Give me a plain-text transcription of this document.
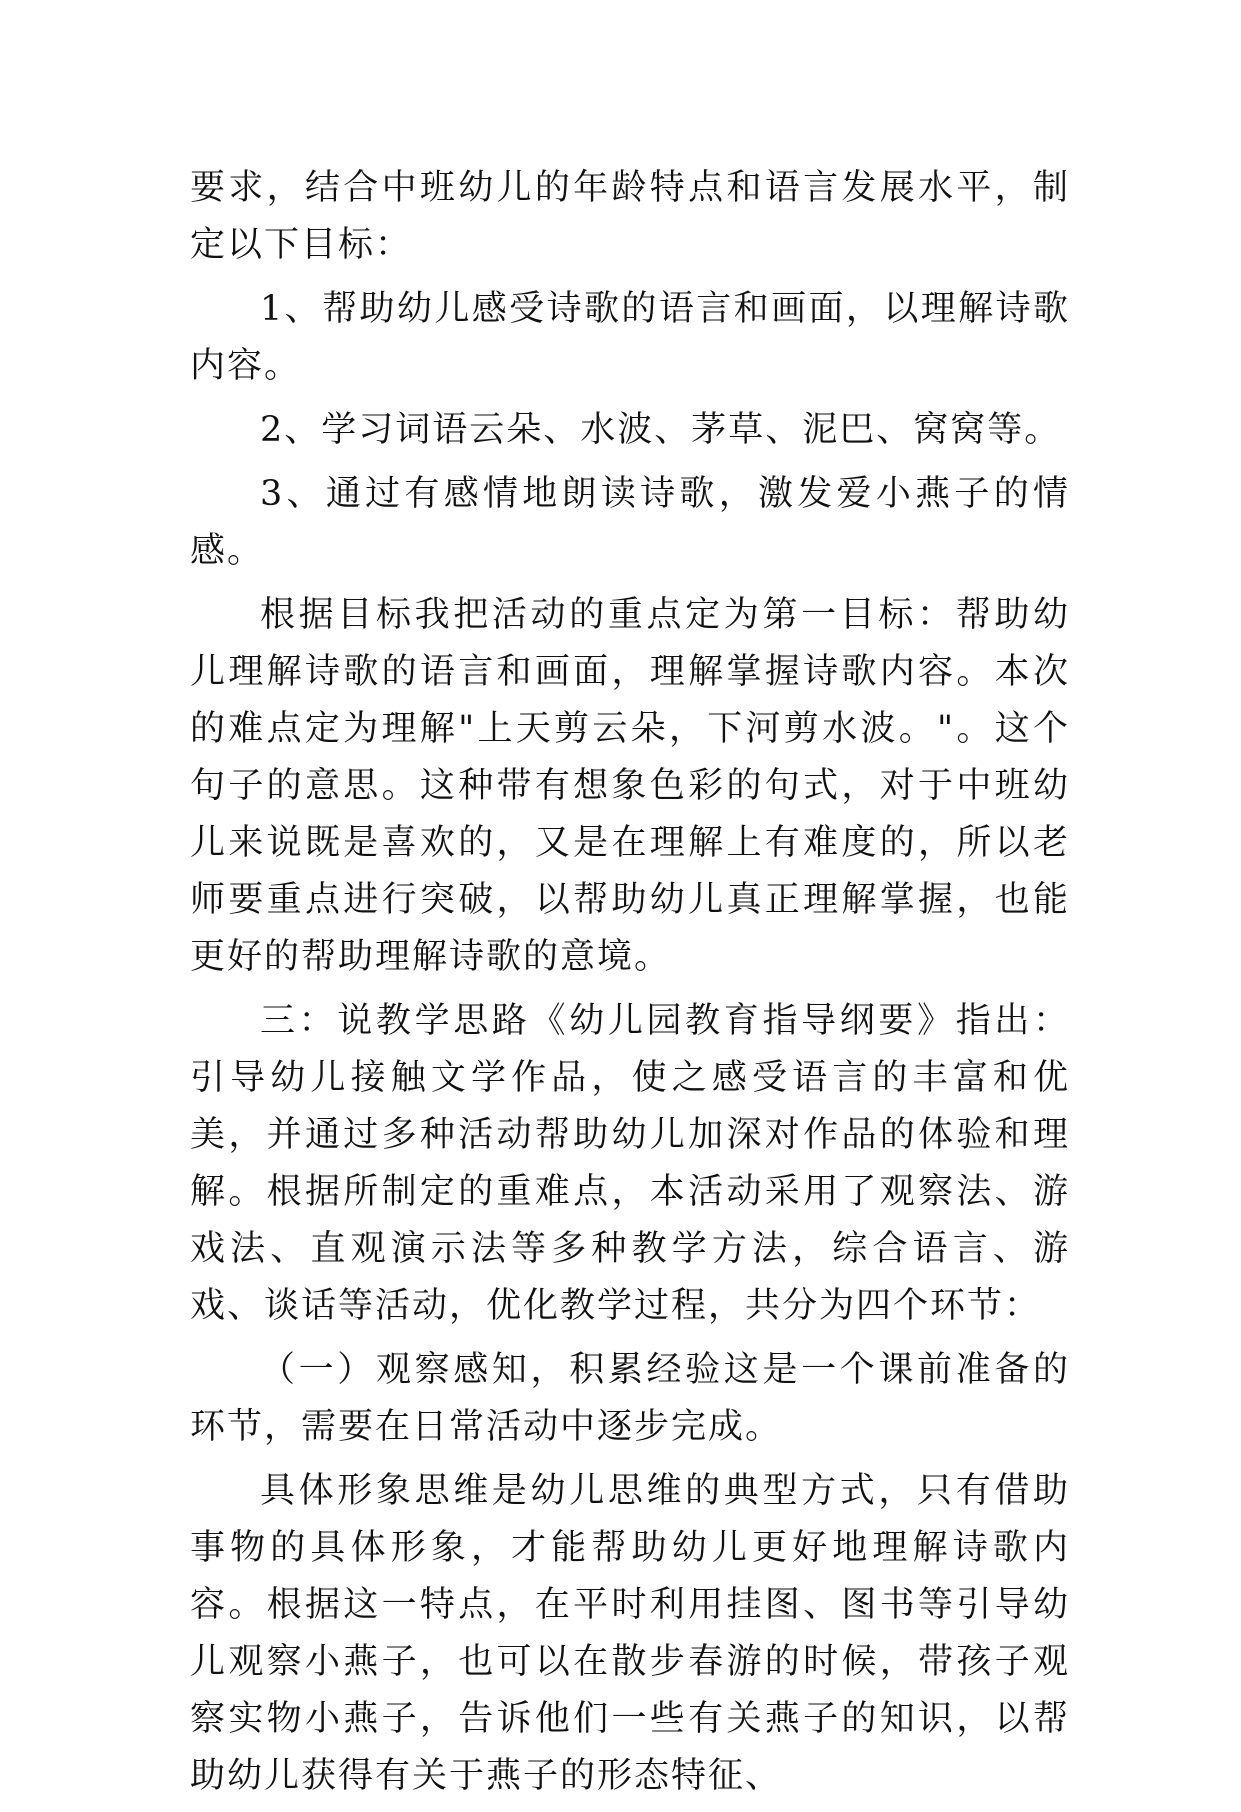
要求，结合中班幼儿的年龄特点和语言发展水平，制定以下目标：

1、帮助幼儿感受诗歌的语言和画面，以理解诗歌内容。

2、学习词语云朵、水波、茅草、泥巴、窝窝等。

3、通过有感情地朗读诗歌，激发爱小燕子的情感。

根据目标我把活动的重点定为第一目标：帮助幼儿理解诗歌的语言和画面，理解掌握诗歌内容。本次的难点定为理解"上天剪云朵，下河剪水波。"。这个句子的意思。这种带有想象色彩的句式，对于中班幼儿来说既是喜欢的，又是在理解上有难度的，所以老师要重点进行突破，以帮助幼儿真正理解掌握，也能更好的帮助理解诗歌的意境。

三：说教学思路《幼儿园教育指导纲要》指出：引导幼儿接触文学作品，使之感受语言的丰富和优美，并通过多种活动帮助幼儿加深对作品的体验和理解。根据所制定的重难点，本活动采用了观察法、游戏法、直观演示法等多种教学方法，综合语言、游戏、谈话等活动，优化教学过程，共分为四个环节：

（一）观察感知，积累经验这是一个课前准备的环节，需要在日常活动中逐步完成。

具体形象思维是幼儿思维的典型方式，只有借助事物的具体形象，才能帮助幼儿更好地理解诗歌内容。根据这一特点，在平时利用挂图、图书等引导幼儿观察小燕子，也可以在散步春游的时候，带孩子观察实物小燕子，告诉他们一些有关燕子的知识，以帮助幼儿获得有关于燕子的形态特征、
